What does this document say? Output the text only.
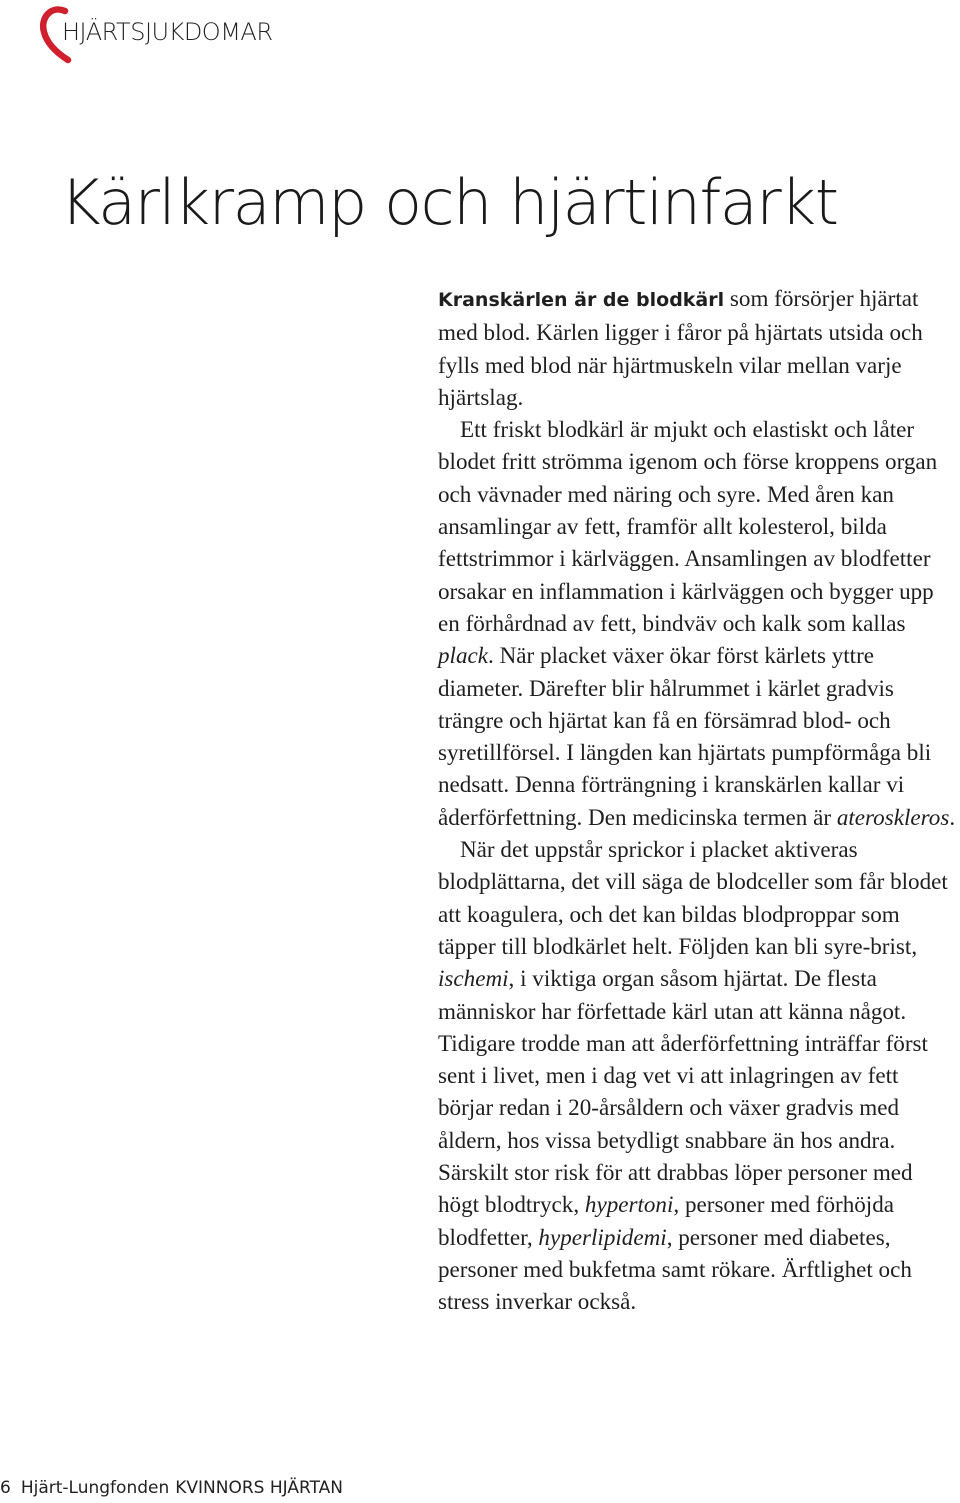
HJÄRTSJUKDOMAR
Kärlkramp och hjärtinfarkt

Kranskärlen är de blodkärl som försörjer hjärtat med blod. Kärlen ligger i fåror på hjärtats utsida och fylls med blod när hjärtmuskeln vilar mellan varje hjärtslag.

Ett friskt blodkärl är mjukt och elastiskt och låter blodet fritt strömma igenom och förse kroppens organ och vävnader med näring och syre. Med åren kan ansamlingar av fett, framför allt kolesterol, bilda fettstrimmor i kärlväggen. Ansamlingen av blodfetter orsakar en inflammation i kärlväggen och bygger upp en förhårdnad av fett, bindväv och kalk som kallas plack. När placket växer ökar först kärlets yttre diameter. Därefter blir hålrummet i kärlet gradvis trängre och hjärtat kan få en försämrad blod- och syretillförsel. I längden kan hjärtats pumpförmåga bli nedsatt. Denna förträngning i kranskärlen kallar vi åderförfettning. Den medicinska termen är ateroskleros.

När det uppstår sprickor i placket aktiveras blodplättarna, det vill säga de blodceller som får blodet att koagulera, och det kan bildas blodproppar som täpper till blodkärlet helt. Följden kan bli syre-brist, ischemi, i viktiga organ såsom hjärtat. De flesta människor har förfettade kärl utan att känna något. Tidigare trodde man att åderförfettning inträffar först sent i livet, men i dag vet vi att inlagringen av fett börjar redan i 20-årsåldern och växer gradvis med åldern, hos vissa betydligt snabbare än hos andra. Särskilt stor risk för att drabbas löper personer med högt blodtryck, hypertoni, personer med förhöjda blodfetter, hyperlipidemi, personer med diabetes, personer med bukfetma samt rökare. Ärftlighet och stress inverkar också.

6 Hjärt-Lungfonden KVINNORS HJÄRTAN
